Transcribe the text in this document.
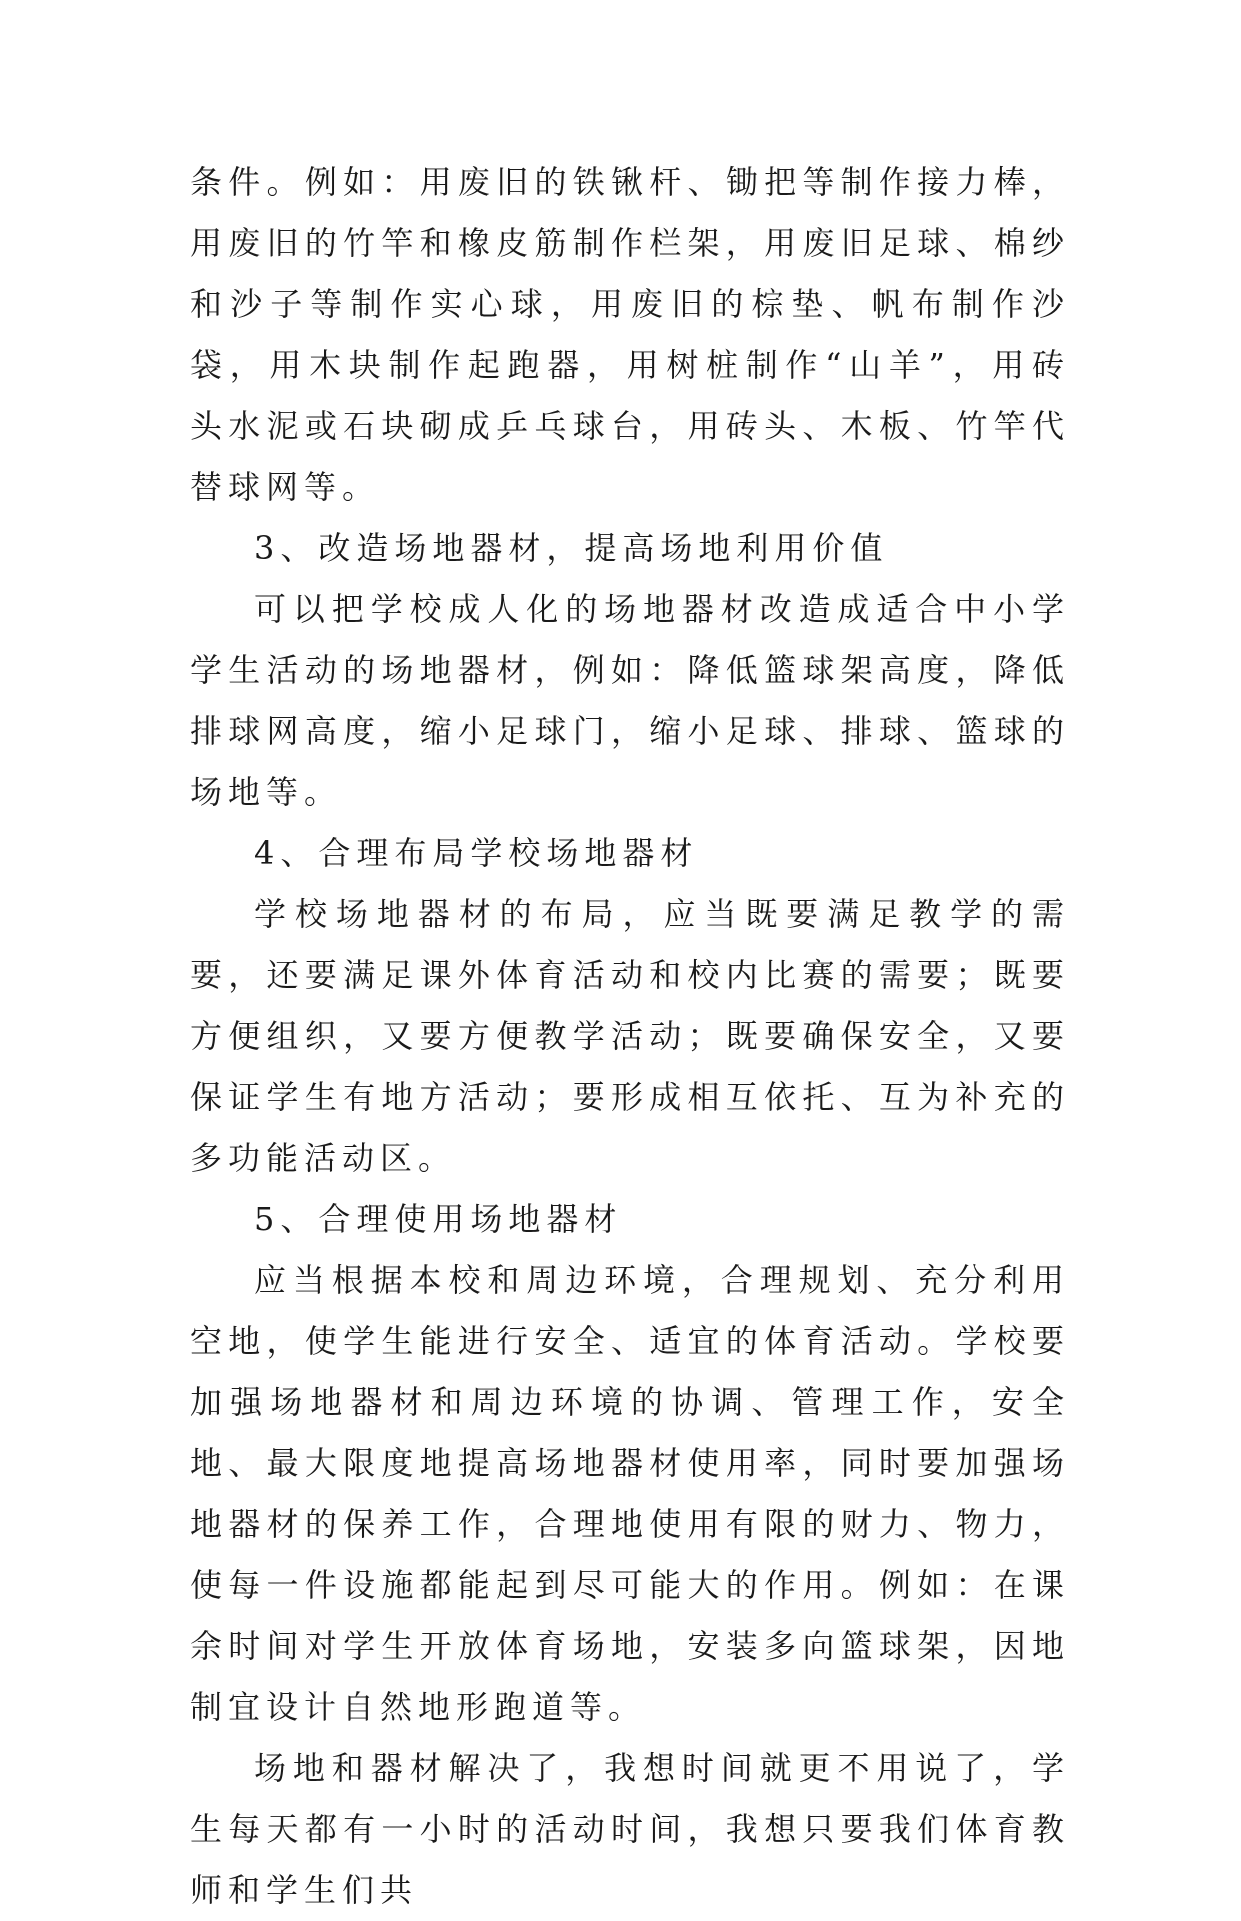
条件。例如：用废旧的铁锹杆、锄把等制作接力棒，用废旧的竹竿和橡皮筋制作栏架，用废旧足球、棉纱和沙子等制作实心球，用废旧的棕垫、帆布制作沙袋，用木块制作起跑器，用树桩制作“山羊”，用砖头水泥或石块砌成乒乓球台，用砖头、木板、竹竿代替球网等。

3、改造场地器材，提高场地利用价值

可以把学校成人化的场地器材改造成适合中小学学生活动的场地器材，例如：降低篮球架高度，降低排球网高度，缩小足球门，缩小足球、排球、篮球的场地等。

4、合理布局学校场地器材

学校场地器材的布局，应当既要满足教学的需要，还要满足课外体育活动和校内比赛的需要；既要方便组织，又要方便教学活动；既要确保安全，又要保证学生有地方活动；要形成相互依托、互为补充的多功能活动区。

5、合理使用场地器材

应当根据本校和周边环境，合理规划、充分利用空地，使学生能进行安全、适宜的体育活动。学校要加强场地器材和周边环境的协调、管理工作，安全地、最大限度地提高场地器材使用率，同时要加强场地器材的保养工作，合理地使用有限的财力、物力，使每一件设施都能起到尽可能大的作用。例如：在课余时间对学生开放体育场地，安装多向篮球架，因地制宜设计自然地形跑道等。

场地和器材解决了，我想时间就更不用说了，学生每天都有一小时的活动时间，我想只要我们体育教师和学生们共
